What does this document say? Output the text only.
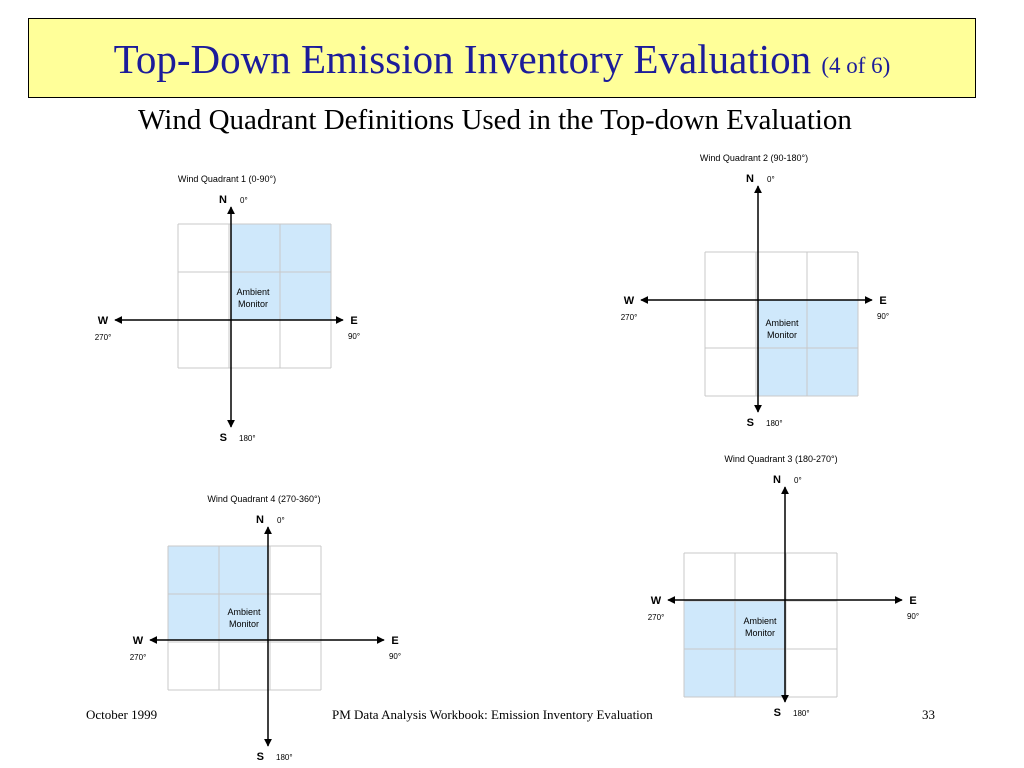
Top-Down Emission Inventory Evaluation (4 of 6)
Wind Quadrant Definitions Used in the Top-down Evaluation
Wind Quadrant 1 (0-90°)
N 0°
S 180°
E
90°
W
270°
Ambient
Monitor
Wind Quadrant 2 (90-180°)
N 0°
S 180°
E
90°
W
270°
Ambient
Monitor
Wind Quadrant 3 (180-270°)
N 0°
S 180°
E
90°
W
270°	Ambient
Monitor
Wind Quadrant 4 (270-360°)
N 0°
S 180°
E
90°
W
270°
Ambient
Monitor
October 1999	PM Data Analysis Workbook: Emission Inventory Evaluation	33
